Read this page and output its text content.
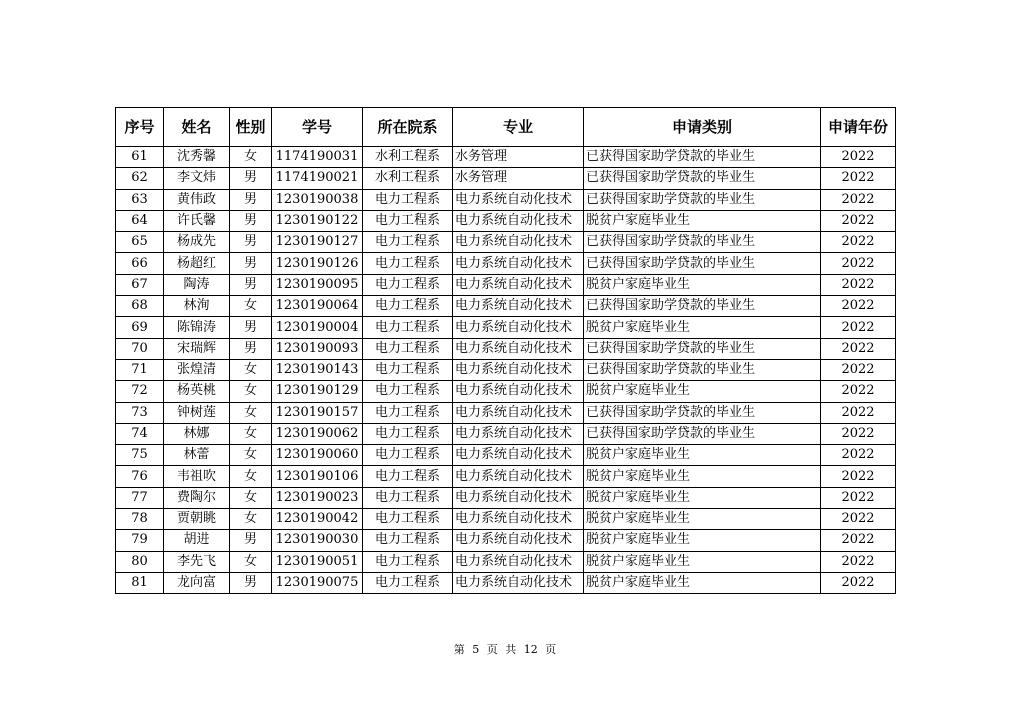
序号	姓名	性别	学号	所在院系	专业	申请类别	申请年份
61	沈秀馨	女	1174190031	水利工程系	水务管理	已获得国家助学贷款的毕业生	2022
62	李文炜	男	1174190021	水利工程系	水务管理	已获得国家助学贷款的毕业生	2022
63	黄伟政	男	1230190038	电力工程系	电力系统自动化技术	已获得国家助学贷款的毕业生	2022
64	许氏馨	男	1230190122	电力工程系	电力系统自动化技术	脱贫户家庭毕业生	2022
65	杨成先	男	1230190127	电力工程系	电力系统自动化技术	已获得国家助学贷款的毕业生	2022
66	杨超红	男	1230190126	电力工程系	电力系统自动化技术	已获得国家助学贷款的毕业生	2022
67	陶涛	男	1230190095	电力工程系	电力系统自动化技术	脱贫户家庭毕业生	2022
68	林洵	女	1230190064	电力工程系	电力系统自动化技术	已获得国家助学贷款的毕业生	2022
69	陈锦涛	男	1230190004	电力工程系	电力系统自动化技术	脱贫户家庭毕业生	2022
70	宋瑞辉	男	1230190093	电力工程系	电力系统自动化技术	已获得国家助学贷款的毕业生	2022
71	张煌清	女	1230190143	电力工程系	电力系统自动化技术	已获得国家助学贷款的毕业生	2022
72	杨英桃	女	1230190129	电力工程系	电力系统自动化技术	脱贫户家庭毕业生	2022
73	钟树莲	女	1230190157	电力工程系	电力系统自动化技术	已获得国家助学贷款的毕业生	2022
74	林娜	女	1230190062	电力工程系	电力系统自动化技术	已获得国家助学贷款的毕业生	2022
75	林蕾	女	1230190060	电力工程系	电力系统自动化技术	脱贫户家庭毕业生	2022
76	韦祖吹	女	1230190106	电力工程系	电力系统自动化技术	脱贫户家庭毕业生	2022
77	费陶尔	女	1230190023	电力工程系	电力系统自动化技术	脱贫户家庭毕业生	2022
78	贾朝眺	女	1230190042	电力工程系	电力系统自动化技术	脱贫户家庭毕业生	2022
79	胡进	男	1230190030	电力工程系	电力系统自动化技术	脱贫户家庭毕业生	2022
80	李先飞	女	1230190051	电力工程系	电力系统自动化技术	脱贫户家庭毕业生	2022
81	龙向富	男	1230190075	电力工程系	电力系统自动化技术	脱贫户家庭毕业生	2022
第 5 页 共 12 页
